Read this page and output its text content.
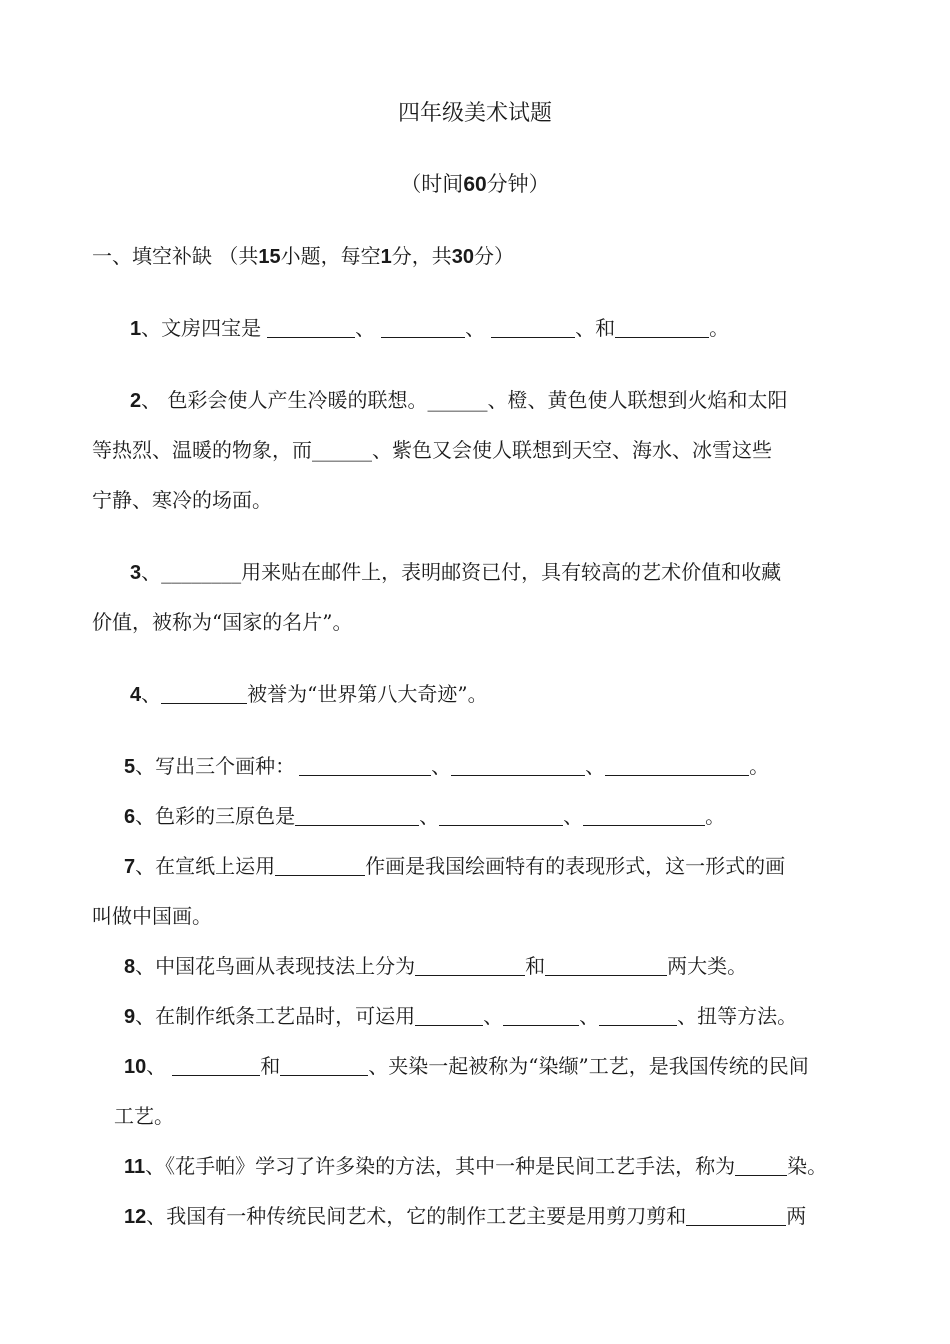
四年级美术试题
（时间60分钟）
一、填空补缺 （共15小题，每空1分，共30分）
1、文房四宝是	、	、	、和	。
2、 色彩会使人产生冷暖的联想。______、橙、黄色使人联想到火焰和太阳
等热烈、温暖的物象，而______、紫色又会使人联想到天空、海水、冰雪这些
宁静、寒冷的场面。
3、________用来贴在邮件上，表明邮资已付，具有较高的艺术价值和收藏
价值，被称为“国家的名片”。
4、	被誉为“世界第八大奇迹”。
5、写出三个画种：	、	、	。
6、色彩的三原色是	、	、	。
7、在宣纸上运用	作画是我国绘画特有的表现形式，这一形式的画
叫做中国画。
8、中国花鸟画从表现技法上分为	和	两大类。
9、在制作纸条工艺品时，可运用	、	、	、扭等方法。
10、	和	、夹染一起被称为“染缬”工艺，是我国传统的民间
工艺。
11、《花手帕》学习了许多染的方法，其中一种是民间工艺手法，称为	染。
12、我国有一种传统民间艺术，它的制作工艺主要是用剪刀剪和	两
